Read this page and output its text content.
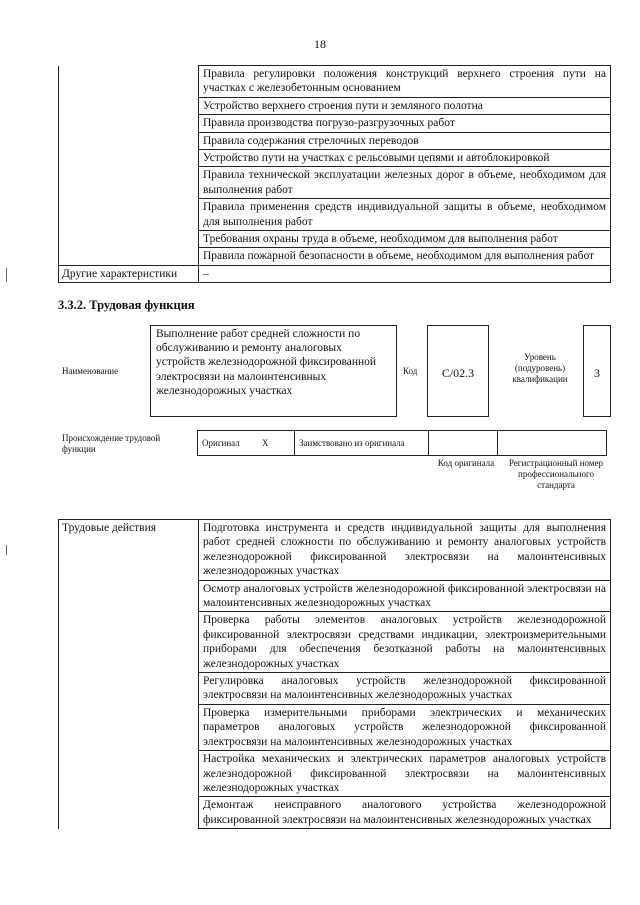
18
	Правила регулировки положения конструкций верхнего строения пути на участках с железобетонным основанием
	Устройство верхнего строения пути и земляного полотна
	Правила производства погрузо-разгрузочных работ
	Правила содержания стрелочных переводов
	Устройство пути на участках с рельсовыми цепями и автоблокировкой
	Правила технической эксплуатации железных дорог в объеме, необходимом для выполнения работ
	Правила применения средств индивидуальной защиты в объеме, необходимом для выполнения работ
	Требования охраны труда в объеме, необходимом для выполнения работ
	Правила пожарной безопасности в объеме, необходимом для выполнения работ
Другие характеристики	–
3.3.2. Трудовая функция
Наименование
Выполнение работ средней сложности по обслуживанию и ремонту аналоговых устройств железнодорожной фиксированной электросвязи на малоинтенсивных железнодорожных участках
Код	С/02.3
Уровень (подуровень) квалификации	3
Происхождение трудовой функции
Оригинал	X	Заимствовано из оригинала		
Код оригинала	Регистрационный номер профессионального стандарта
Трудовые действия	Подготовка инструмента и средств индивидуальной защиты для выполнения работ средней сложности по обслуживанию и ремонту аналоговых устройств железнодорожной фиксированной электросвязи на малоинтенсивных железнодорожных участках
Осмотр аналоговых устройств железнодорожной фиксированной электросвязи на малоинтенсивных железнодорожных участках
Проверка работы элементов аналоговых устройств железнодорожной фиксированной электросвязи средствами индикации, электроизмерительными приборами для обеспечения безотказной работы на малоинтенсивных железнодорожных участках
Регулировка аналоговых устройств железнодорожной фиксированной электросвязи на малоинтенсивных железнодорожных участках
Проверка измерительными приборами электрических и механических параметров аналоговых устройств железнодорожной фиксированной электросвязи на малоинтенсивных железнодорожных участках
Настройка механических и электрических параметров аналоговых устройств железнодорожной фиксированной электросвязи на малоинтенсивных железнодорожных участках
Демонтаж неисправного аналогового устройства железнодорожной фиксированной электросвязи на малоинтенсивных железнодорожных участках
